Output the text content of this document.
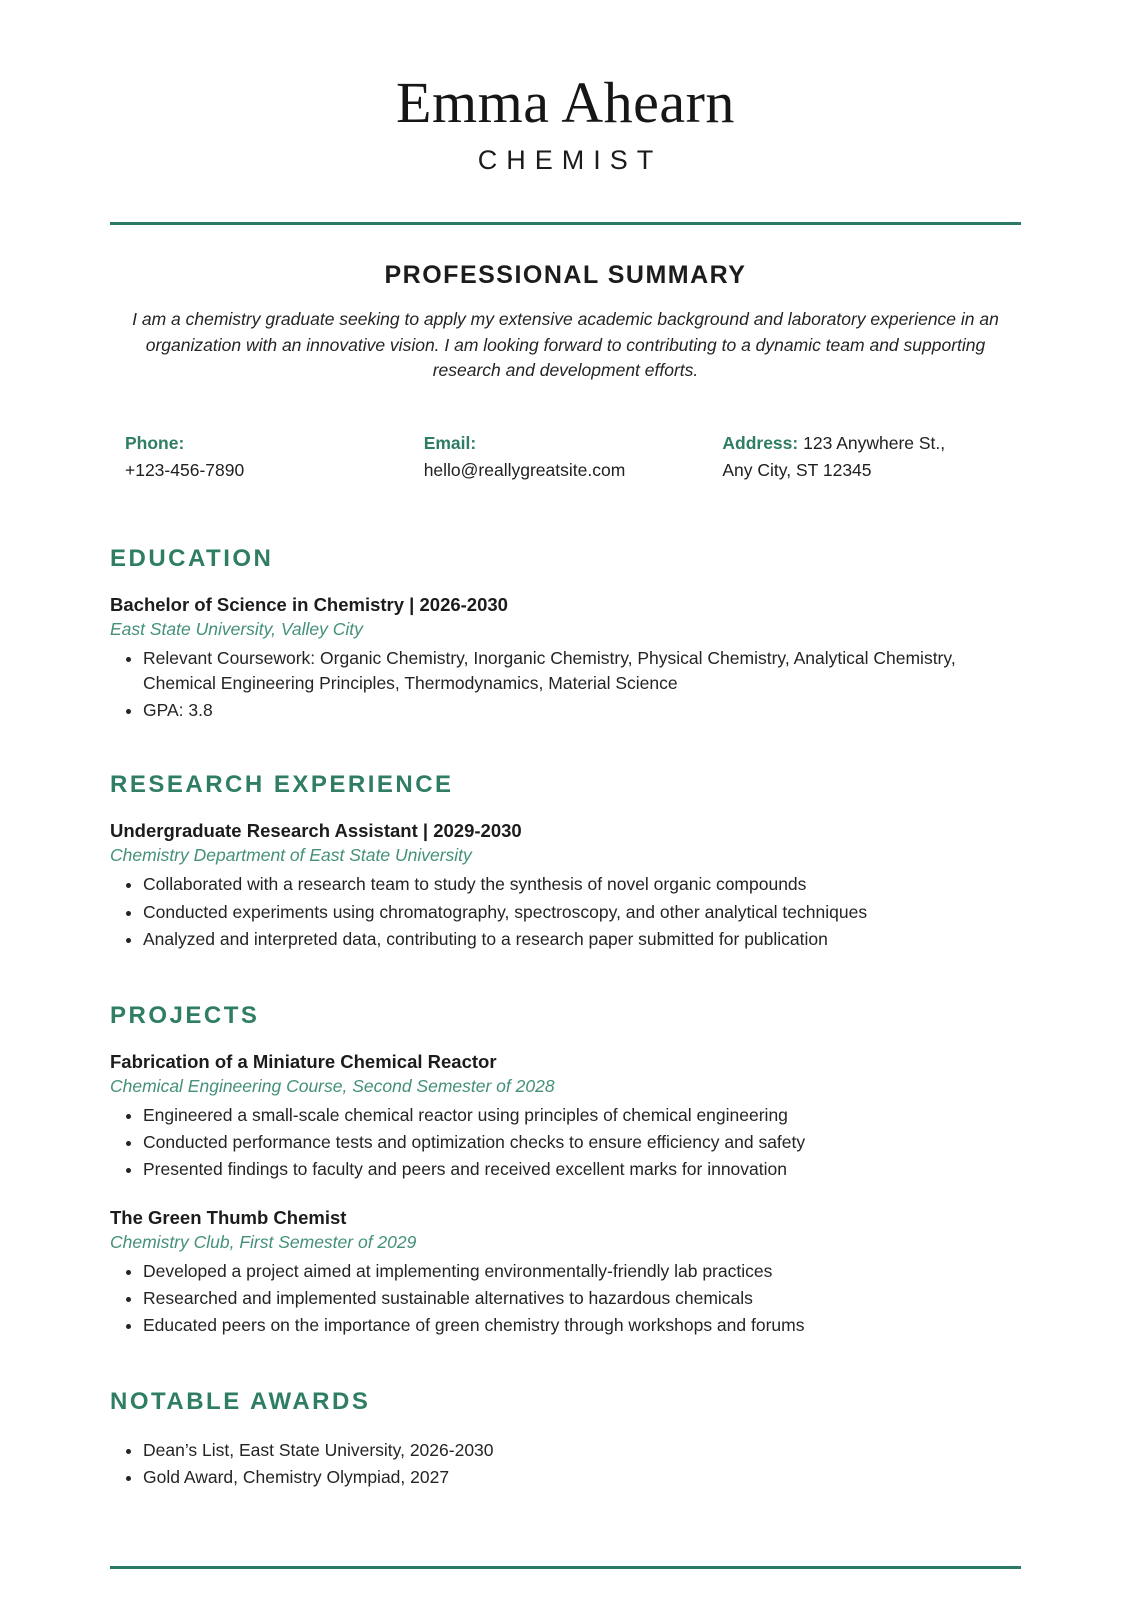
Emma Ahearn
CHEMIST
PROFESSIONAL SUMMARY

I am a chemistry graduate seeking to apply my extensive academic background and laboratory experience in an organization with an innovative vision. I am looking forward to contributing to a dynamic team and supporting research and development efforts.

Phone:
+123-456-7890
Email:
hello@reallygreatsite.com

Address: 123 Anywhere St.,

Any City, ST 12345

EDUCATION

Bachelor of Science in Chemistry | 2026-2030

East State University, Valley City

• Relevant Coursework: Organic Chemistry, Inorganic Chemistry, Physical Chemistry, Analytical Chemistry, Chemical Engineering Principles, Thermodynamics, Material Science
• GPA: 3.8
RESEARCH EXPERIENCE

Undergraduate Research Assistant | 2029-2030

Chemistry Department of East State University

• Collaborated with a research team to study the synthesis of novel organic compounds
• Conducted experiments using chromatography, spectroscopy, and other analytical techniques
• Analyzed and interpreted data, contributing to a research paper submitted for publication
PROJECTS

Fabrication of a Miniature Chemical Reactor

Chemical Engineering Course, Second Semester of 2028

• Engineered a small-scale chemical reactor using principles of chemical engineering
• Conducted performance tests and optimization checks to ensure efficiency and safety
• Presented findings to faculty and peers and received excellent marks for innovation

The Green Thumb Chemist

Chemistry Club, First Semester of 2029

• Developed a project aimed at implementing environmentally-friendly lab practices
• Researched and implemented sustainable alternatives to hazardous chemicals
• Educated peers on the importance of green chemistry through workshops and forums
NOTABLE AWARDS
• Dean’s List, East State University, 2026-2030
• Gold Award, Chemistry Olympiad, 2027
